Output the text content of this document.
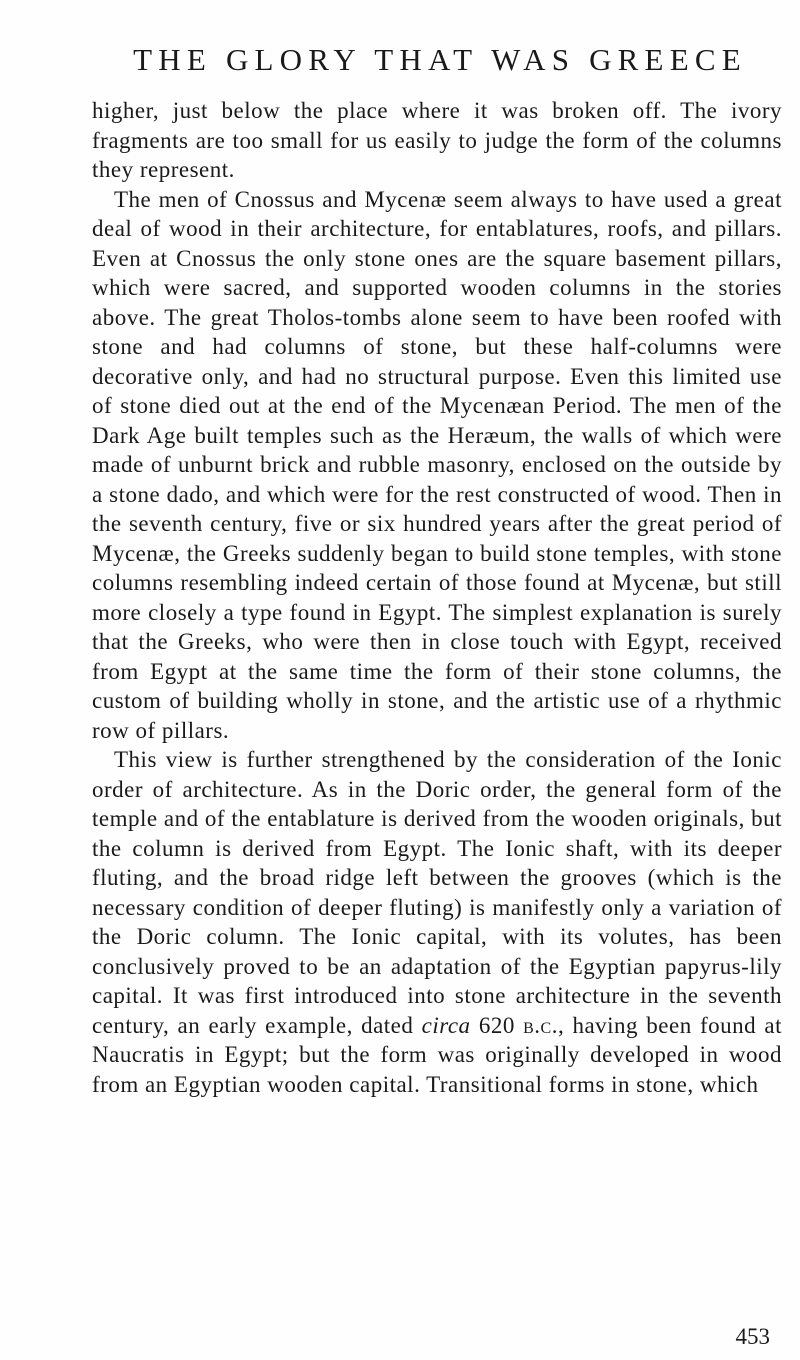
THE GLORY THAT WAS GREECE

higher, just below the place where it was broken off. The ivory fragments are too small for us easily to judge the form of the columns they represent.

The men of Cnossus and Mycenæ seem always to have used a great deal of wood in their architecture, for entablatures, roofs, and pillars. Even at Cnossus the only stone ones are the square basement pillars, which were sacred, and supported wooden columns in the stories above. The great Tholos-tombs alone seem to have been roofed with stone and had columns of stone, but these half-columns were decorative only, and had no structural purpose. Even this limited use of stone died out at the end of the Mycenæan Period. The men of the Dark Age built temples such as the Heræum, the walls of which were made of unburnt brick and rubble masonry, enclosed on the outside by a stone dado, and which were for the rest constructed of wood. Then in the seventh century, five or six hundred years after the great period of Mycenæ, the Greeks suddenly began to build stone temples, with stone columns resembling indeed certain of those found at Mycenæ, but still more closely a type found in Egypt. The simplest explanation is surely that the Greeks, who were then in close touch with Egypt, received from Egypt at the same time the form of their stone columns, the custom of building wholly in stone, and the artistic use of a rhythmic row of pillars.

This view is further strengthened by the consideration of the Ionic order of architecture. As in the Doric order, the general form of the temple and of the entablature is derived from the wooden originals, but the column is derived from Egypt. The Ionic shaft, with its deeper fluting, and the broad ridge left between the grooves (which is the necessary condition of deeper fluting) is manifestly only a variation of the Doric column. The Ionic capital, with its volutes, has been conclusively proved to be an adaptation of the Egyptian papyrus-lily capital. It was first introduced into stone architecture in the seventh century, an early example, dated circa 620 b.c., having been found at Naucratis in Egypt; but the form was originally developed in wood from an Egyptian wooden capital. Transitional forms in stone, which

453
